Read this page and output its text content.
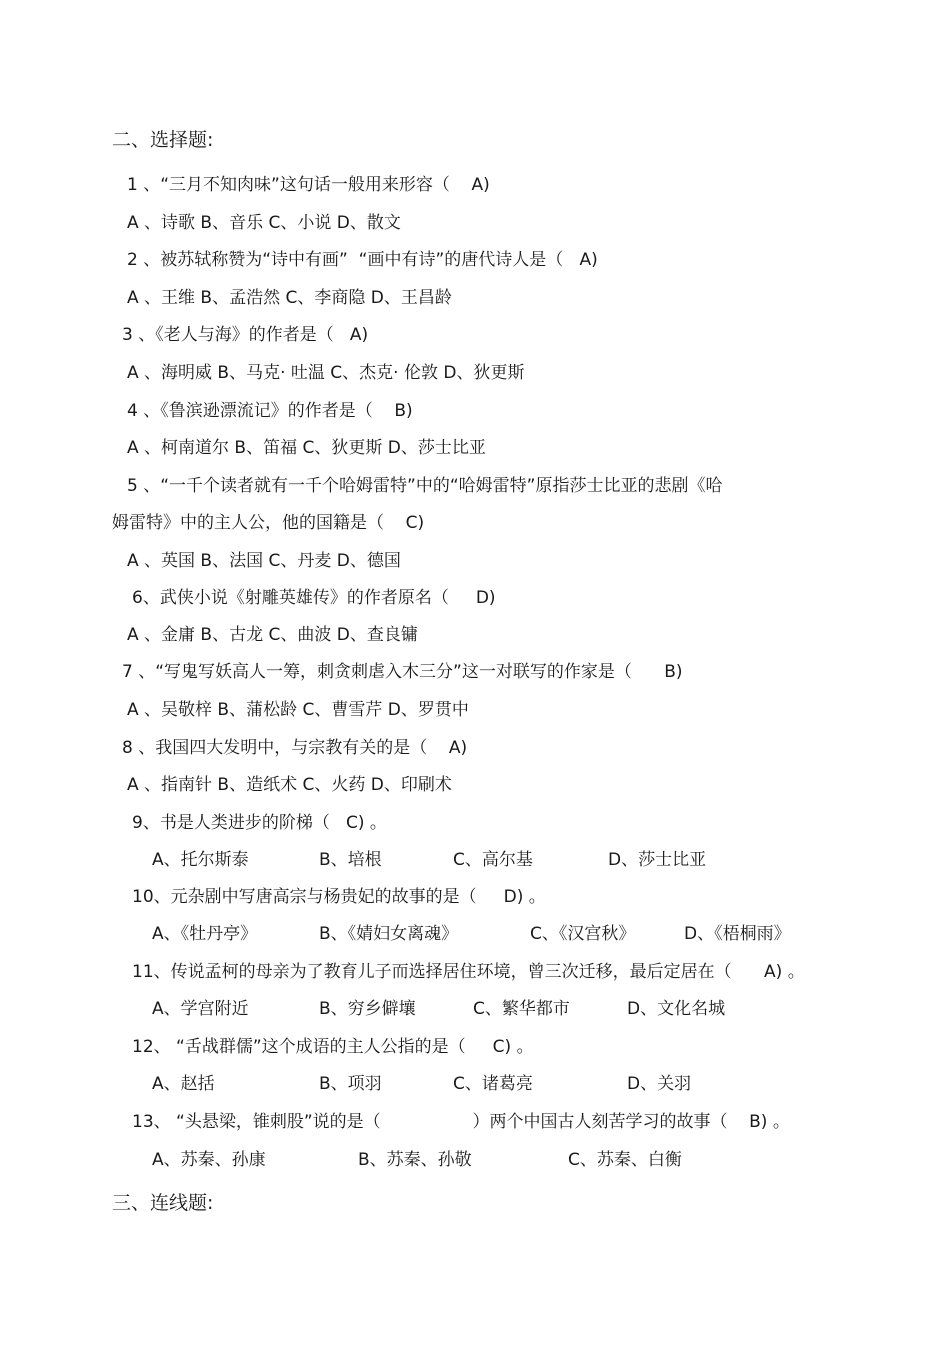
二、选择题:
1 、“三月不知肉味”这句话一般用来形容（    A)
A 、诗歌 B、音乐 C、小说 D、散文
2 、被苏轼称赞为“诗中有画”  “画中有诗”的唐代诗人是（   A)
A 、王维 B、孟浩然 C、李商隐 D、王昌龄
3 、《老人与海》的作者是（   A)
A 、海明威 B、马克· 吐温 C、杰克· 伦敦 D、狄更斯
4 、《鲁滨逊漂流记》的作者是（    B)
A 、柯南道尔 B、笛福 C、狄更斯 D、莎士比亚
5 、“一千个读者就有一千个哈姆雷特”中的“哈姆雷特”原指莎士比亚的悲剧《哈
姆雷特》中的主人公，他的国籍是（    C)
A 、英国 B、法国 C、丹麦 D、德国
6、武侠小说《射雕英雄传》的作者原名（     D)
A 、金庸 B、古龙 C、曲波 D、查良镛
7 、“写鬼写妖高人一筹，刺贪刺虐入木三分”这一对联写的作家是（      B)
A 、吴敬梓 B、蒲松龄 C、曹雪芹 D、罗贯中
8 、我国四大发明中，与宗教有关的是（    A)
A 、指南针 B、造纸术 C、火药 D、印刷术
9、书是人类进步的阶梯（   C) 。
A、托尔斯泰	B、培根	C、高尔基	D、莎士比亚
10、元杂剧中写唐高宗与杨贵妃的故事的是（     D) 。
A、《牡丹亭》	B、《婧妇女离魂》	C、《汉宫秋》	D、《梧桐雨》
11、传说孟柯的母亲为了教育儿子而选择居住环境，曾三次迁移，最后定居在（      A) 。
A、学宫附近	B、穷乡僻壤	C、繁华都市	D、文化名城
12、 “舌战群儒”这个成语的主人公指的是（     C) 。
A、赵括	B、项羽	C、诸葛亮	D、关羽
13、 “头悬梁，锥刺股”说的是（                 ）两个中国古人刻苦学习的故事（    B) 。
A、苏秦、孙康	B、苏秦、孙敬	C、苏秦、白衡
三、连线题:
